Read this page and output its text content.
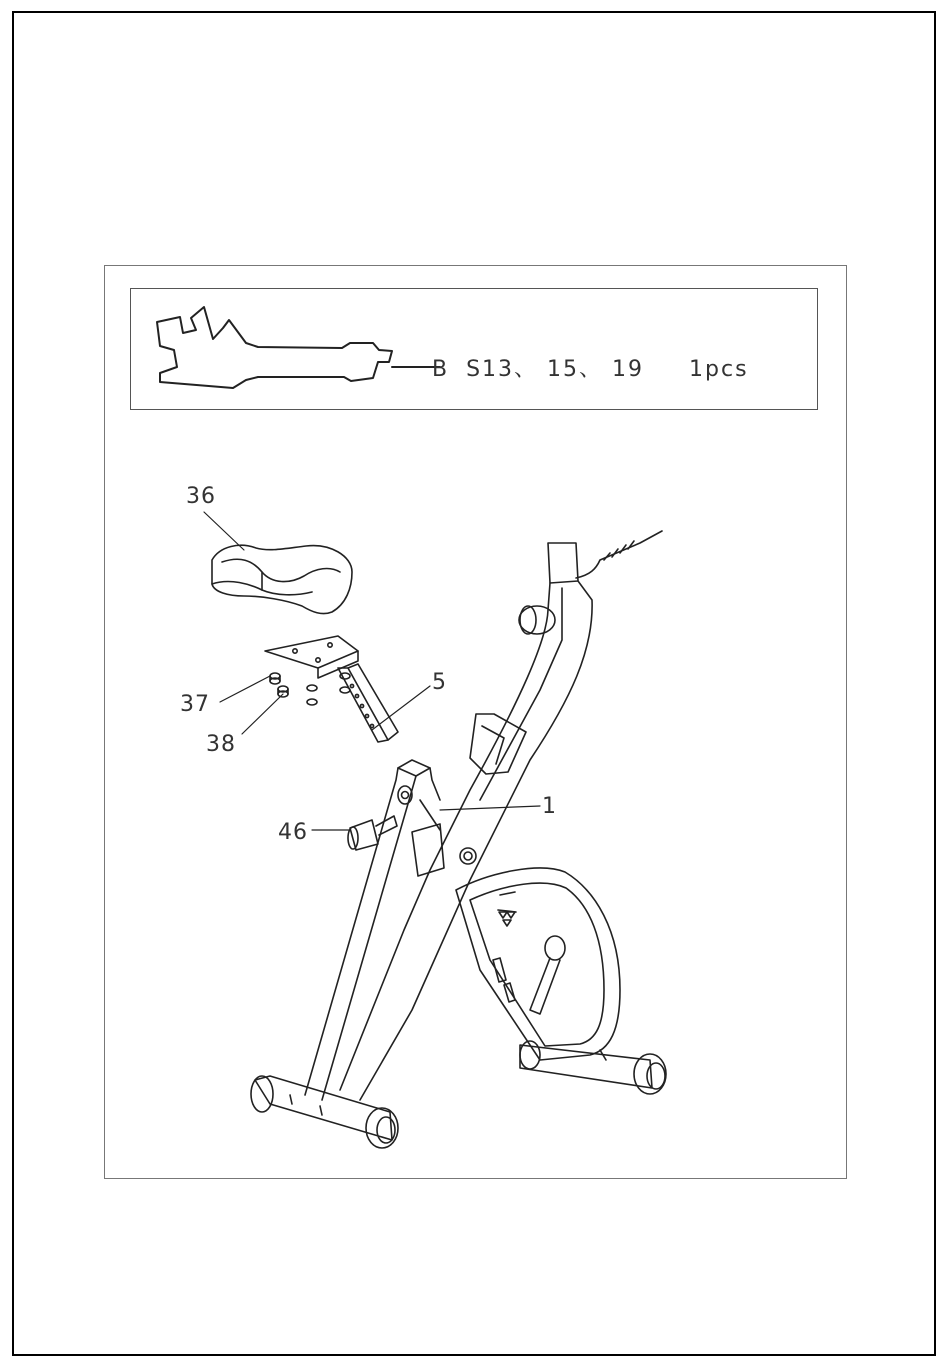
B S13、 15、 19 1pcs
36
37
38
5
1
46
